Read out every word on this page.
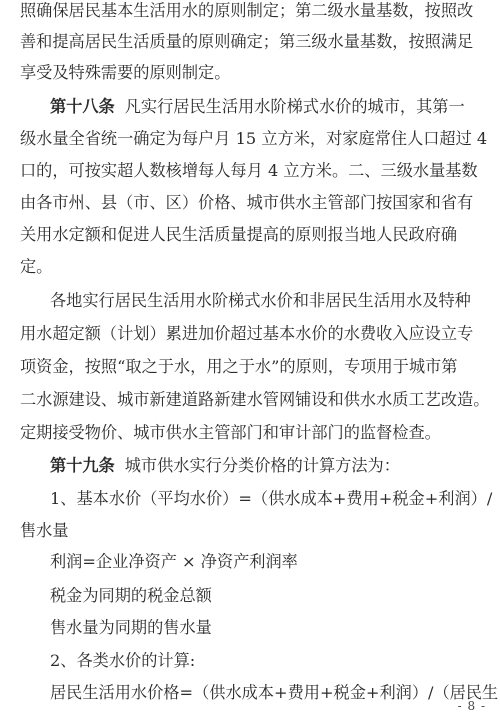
照确保居民基本生活用水的原则制定；第二级水量基数，按照改
善和提高居民生活质量的原则确定；第三级水量基数，按照满足
享受及特殊需要的原则制定。
第十八条 凡实行居民生活用水阶梯式水价的城市，其第一
级水量全省统一确定为每户月 15 立方米，对家庭常住人口超过 4
口的，可按实超人数核增每人每月 4 立方米。二、三级水量基数
由各市州、县（市、区）价格、城市供水主管部门按国家和省有
关用水定额和促进人民生活质量提高的原则报当地人民政府确
定。
各地实行居民生活用水阶梯式水价和非居民生活用水及特种
用水超定额（计划）累进加价超过基本水价的水费收入应设立专
项资金，按照“取之于水，用之于水”的原则，专项用于城市第
二水源建设、城市新建道路新建水管网铺设和供水水质工艺改造。
定期接受物价、城市供水主管部门和审计部门的监督检查。
第十九条 城市供水实行分类价格的计算方法为：
1、基本水价（平均水价）=（供水成本+费用+税金+利润）/
售水量
利润=企业净资产 × 净资产利润率
税金为同期的税金总额
售水量为同期的售水量
2、各类水价的计算:
居民生活用水价格=（供水成本+费用+税金+利润）/（居民生
- 8 -
